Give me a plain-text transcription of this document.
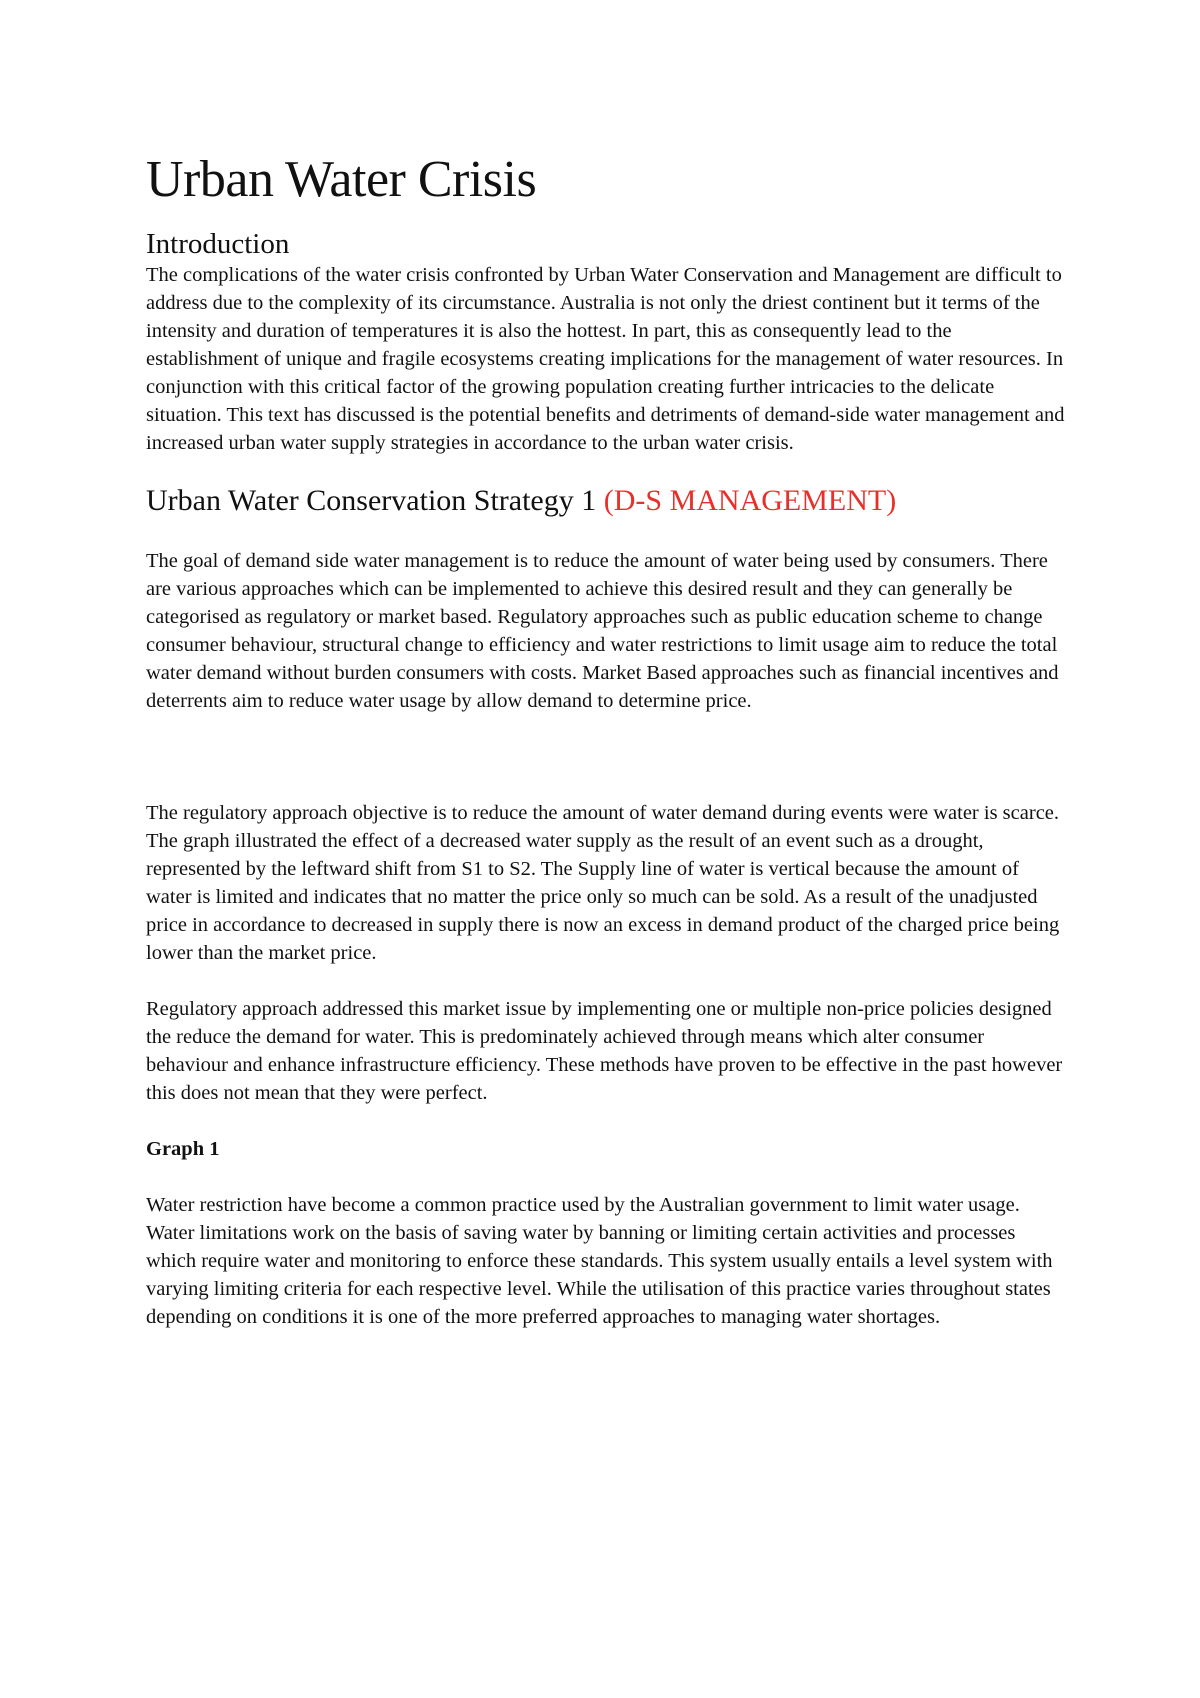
Urban Water Crisis
Introduction

The complications of the water crisis confronted by Urban Water Conservation and Management are difficult to address due to the complexity of its circumstance. Australia is not only the driest continent but it terms of the intensity and duration of temperatures it is also the hottest. In part, this as consequently lead to the establishment of unique and fragile ecosystems creating implications for the management of water resources. In conjunction with this critical factor of the growing population creating further intricacies to the delicate situation. This text has discussed is the potential benefits and detriments of demand-side water management and increased urban water supply strategies in accordance to the urban water crisis.

Urban Water Conservation Strategy 1 (D-S MANAGEMENT)

The goal of demand side water management is to reduce the amount of water being used by consumers. There are various approaches which can be implemented to achieve this desired result and they can generally be categorised as regulatory or market based. Regulatory approaches such as public education scheme to change consumer behaviour, structural change to efficiency and water restrictions to limit usage aim to reduce the total water demand without burden consumers with costs. Market Based approaches such as financial incentives and deterrents aim to reduce water usage by allow demand to determine price.

The regulatory approach objective is to reduce the amount of water demand during events were water is scarce. The graph illustrated the effect of a decreased water supply as the result of an event such as a drought, represented by the leftward shift from S1 to S2. The Supply line of water is vertical because the amount of water is limited and indicates that no matter the price only so much can be sold. As a result of the unadjusted price in accordance to decreased in supply there is now an excess in demand product of the charged price being lower than the market price.

Regulatory approach addressed this market issue by implementing one or multiple non-price policies designed the reduce the demand for water. This is predominately achieved through means which alter consumer behaviour and enhance infrastructure efficiency. These methods have proven to be effective in the past however this does not mean that they were perfect.

Graph 1

Water restriction have become a common practice used by the Australian government to limit water usage. Water limitations work on the basis of saving water by banning or limiting certain activities and processes which require water and monitoring to enforce these standards. This system usually entails a level system with varying limiting criteria for each respective level. While the utilisation of this practice varies throughout states depending on conditions it is one of the more preferred approaches to managing water shortages.
